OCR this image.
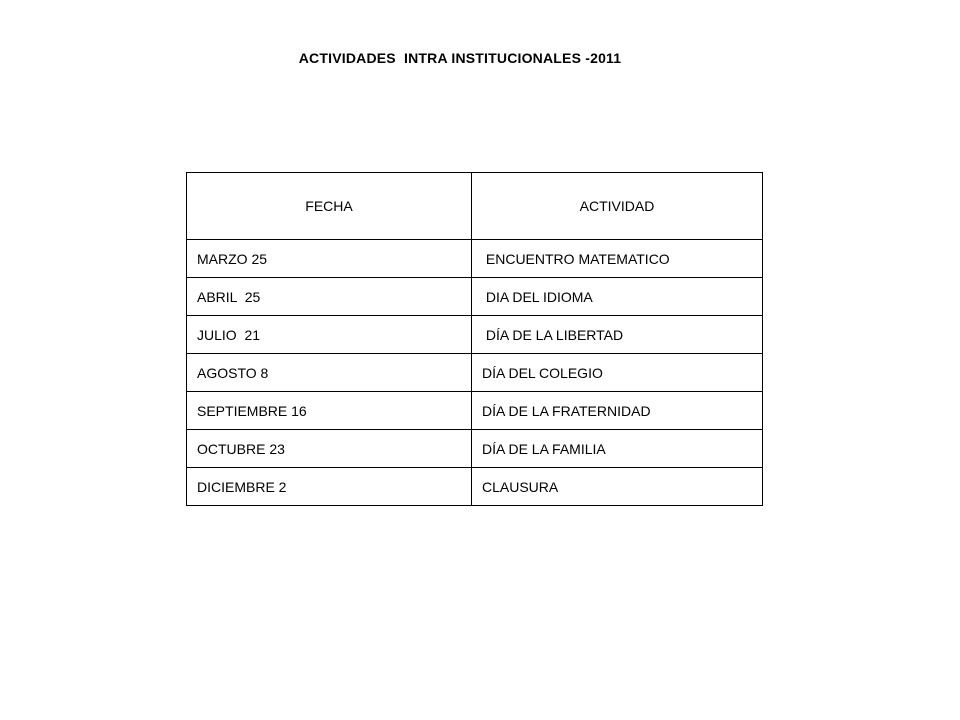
ACTIVIDADES  INTRA INSTITUCIONALES -2011
FECHA	ACTIVIDAD
MARZO 25	ENCUENTRO MATEMATICO
ABRIL  25	DIA DEL IDIOMA
JULIO  21	DÍA DE LA LIBERTAD
AGOSTO 8	DÍA DEL COLEGIO
SEPTIEMBRE 16	DÍA DE LA FRATERNIDAD
OCTUBRE 23	DÍA DE LA FAMILIA
DICIEMBRE 2	CLAUSURA
